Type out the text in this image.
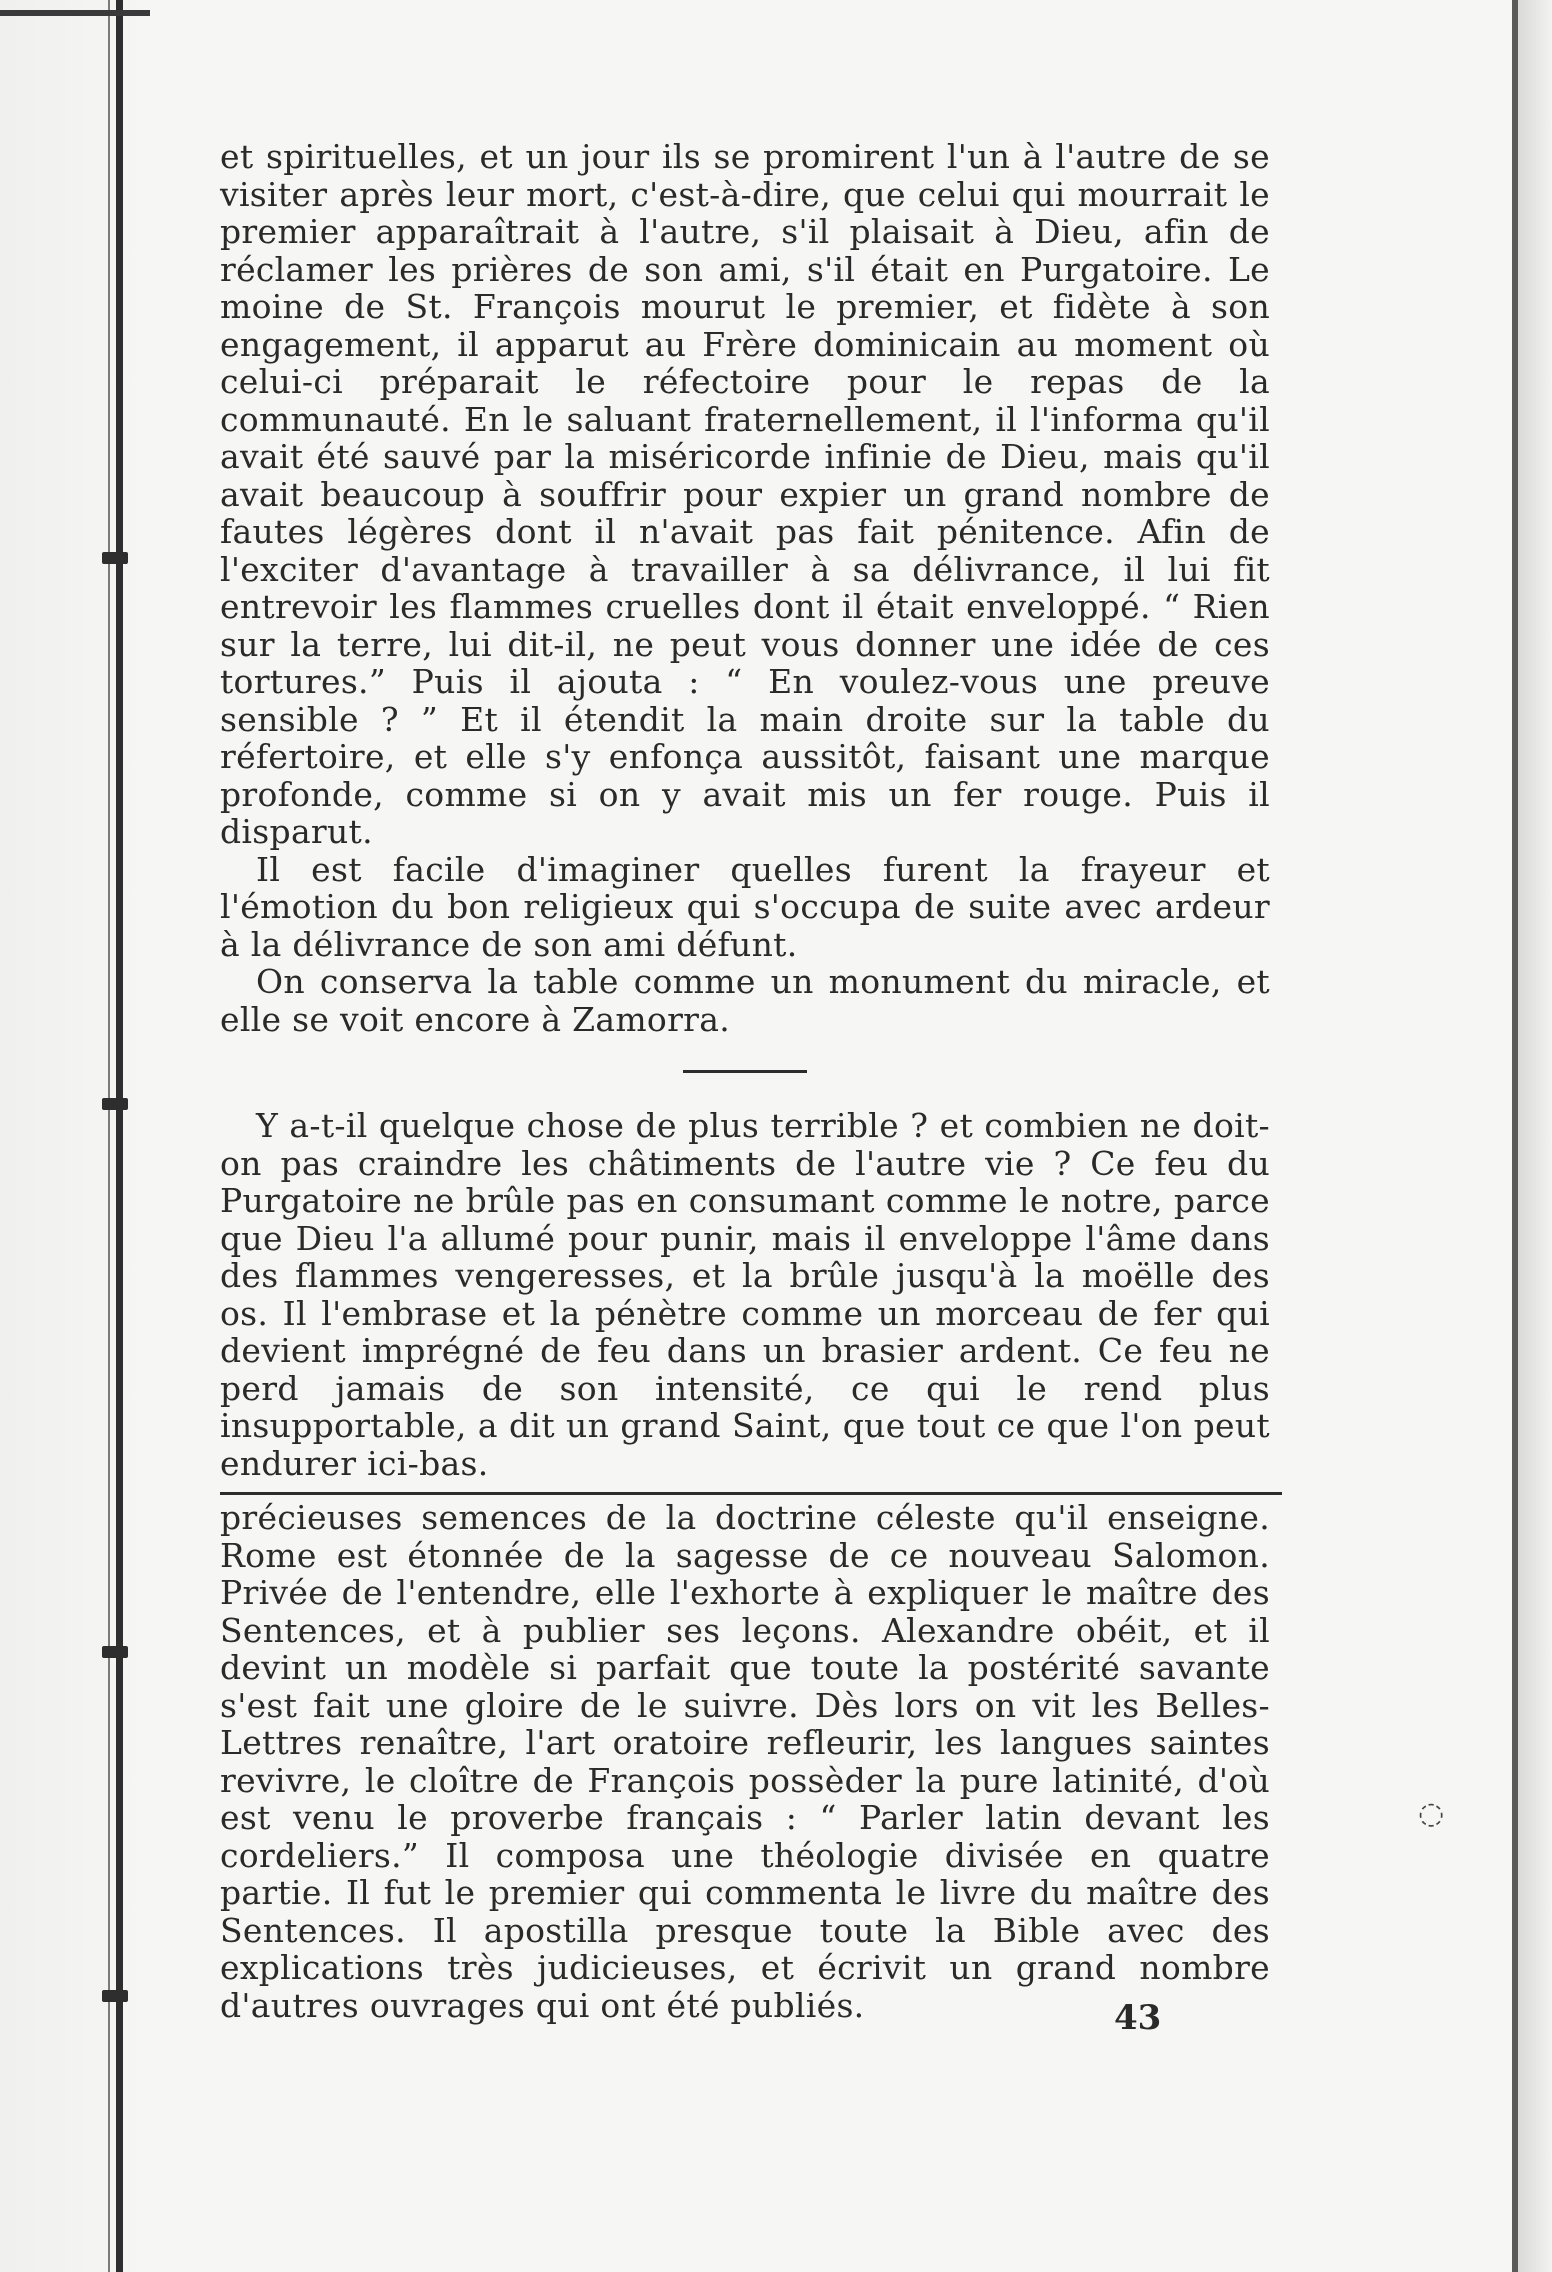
◌

et spirituelles, et un jour ils se promirent l'un à l'autre de se visiter après leur mort, c'est-à-dire, que celui qui mourrait le premier apparaîtrait à l'autre, s'il plaisait à Dieu, afin de réclamer les prières de son ami, s'il était en Purgatoire. Le moine de St. François mourut le premier, et fidète à son engagement, il apparut au Frère dominicain au moment où celui-ci préparait le réfectoire pour le repas de la communauté. En le saluant fraternellement, il l'informa qu'il avait été sauvé par la miséricorde infinie de Dieu, mais qu'il avait beaucoup à souffrir pour expier un grand nombre de fautes légères dont il n'avait pas fait pénitence. Afin de l'exciter d'avantage à travailler à sa délivrance, il lui fit entrevoir les flammes cruelles dont il était enveloppé. “ Rien sur la terre, lui dit-il, ne peut vous donner une idée de ces tortures.” Puis il ajouta : “ En voulez-vous une preuve sensible ? ” Et il étendit la main droite sur la table du réfertoire, et elle s'y enfonça aussitôt, faisant une marque profonde, comme si on y avait mis un fer rouge. Puis il disparut.

Il est facile d'imaginer quelles furent la frayeur et l'émotion du bon religieux qui s'occupa de suite avec ardeur à la délivrance de son ami défunt.

On conserva la table comme un monument du miracle, et elle se voit encore à Zamorra.

Y a-t-il quelque chose de plus terrible ? et combien ne doit-on pas craindre les châtiments de l'autre vie ? Ce feu du Purgatoire ne brûle pas en consumant comme le notre, parce que Dieu l'a allumé pour punir, mais il enveloppe l'âme dans des flammes vengeresses, et la brûle jusqu'à la moëlle des os. Il l'embrase et la pénètre comme un morceau de fer qui devient imprégné de feu dans un brasier ardent. Ce feu ne perd jamais de son intensité, ce qui le rend plus insupportable, a dit un grand Saint, que tout ce que l'on peut endurer ici-bas.

précieuses semences de la doctrine céleste qu'il enseigne. Rome est étonnée de la sagesse de ce nouveau Salomon. Privée de l'entendre, elle l'exhorte à expliquer le maître des Sentences, et à publier ses leçons. Alexandre obéit, et il devint un modèle si parfait que toute la postérité savante s'est fait une gloire de le suivre. Dès lors on vit les Belles-Lettres renaître, l'art oratoire refleurir, les langues saintes revivre, le cloître de François possèder la pure latinité, d'où est venu le proverbe français : “ Parler latin devant les cordeliers.” Il composa une théologie divisée en quatre partie. Il fut le premier qui commenta le livre du maître des Sentences. Il apostilla presque toute la Bible avec des explications très judicieuses, et écrivit un grand nombre d'autres ouvrages qui ont été publiés.	43
